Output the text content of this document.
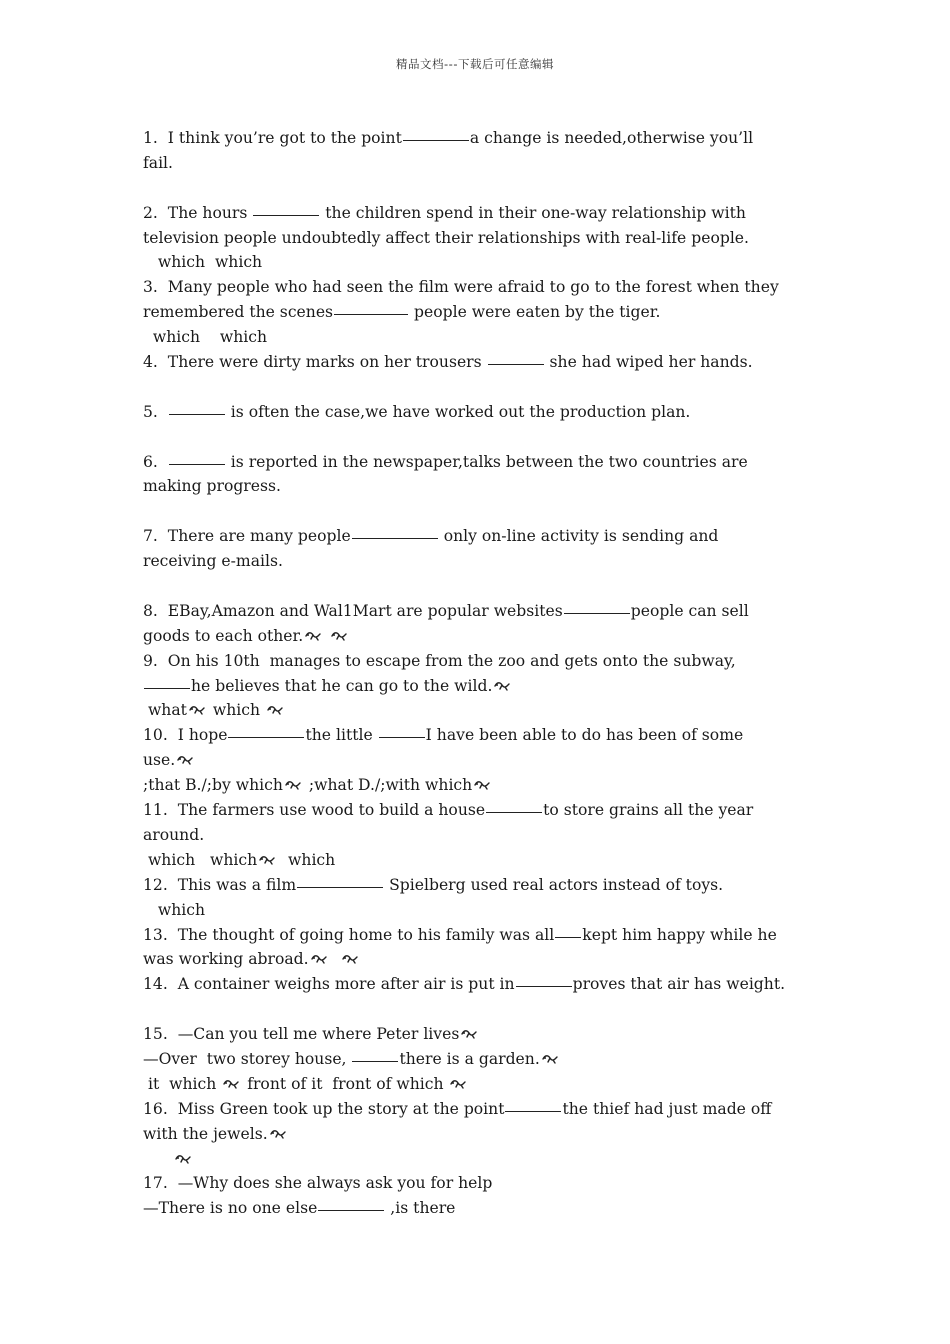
精品文档---下载后可任意编辑
1.  I think you’re got to the point	a change is needed,otherwise you’ll
fail.
2.  The hours	the children spend in their one-way relationship with
television people undoubtedly affect their relationships with real-life people.
which  which
3.  Many people who had seen the film were afraid to go to the forest when they
remembered the scenes	people were eaten by the tiger.
which    which
4.  There were dirty marks on her trousers	she had wiped her hands.
5.	is often the case,we have worked out the production plan.
6.	is reported in the newspaper,talks between the two countries are
making progress.
7.  There are many people	only on-line activity is sending and
receiving e-mails.
8.  EBay,Amazon and Wal1Mart are popular websites	people can sell
goods to each other.

9.  On his 10th  manages to escape from the zoo and gets onto the subway,
he believes that he can go to the wild.
what
which
10.  I hope	the little	I have been able to do has been of some
use.
;that B./;by which
;what D./;with which
11.  The farmers use wood to build a house	to store grains all the year
around.
which   which
which
12.  This was a film	Spielberg used real actors instead of toys.
which
13.  The thought of going home to his family was all kept him happy while he
was working abroad.

14.  A container weighs more after air is put in	proves that air has weight.
15.  —Can you tell me where Peter lives
—Over  two storey house,	there is a garden.
it  which
front of it  front of which
16.  Miss Green took up the story at the point	the thief had just made off
with the jewels.

17.  —Why does she always ask you for help
—There is no one else	,is there
